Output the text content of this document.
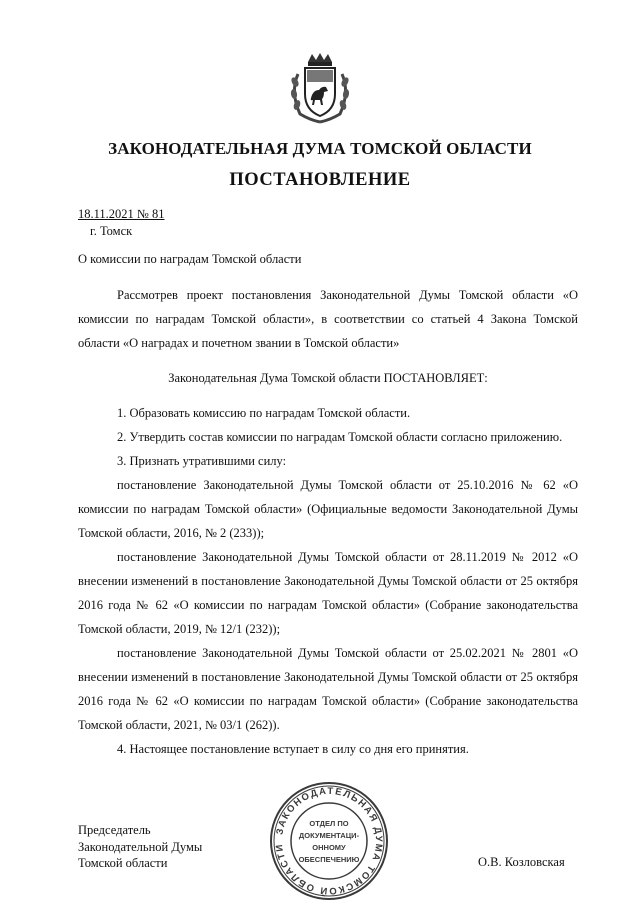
ЗАКОНОДАТЕЛЬНАЯ ДУМА ТОМСКОЙ ОБЛАСТИ
ПОСТАНОВЛЕНИЕ
18.11.2021 № 81
г. Томск
О комиссии по наградам Томской области

Рассмотрев проект постановления Законодательной Думы Томской области «О комиссии по наградам Томской области», в соответствии со статьей 4 Закона Томской области «О наградах и почетном звании в Томской области»

Законодательная Дума Томской области ПОСТАНОВЛЯЕТ:

1. Образовать комиссию по наградам Томской области.

2. Утвердить состав комиссии по наградам Томской области согласно приложению.

3. Признать утратившими силу:

постановление Законодательной Думы Томской области от 25.10.2016 № 62 «О комиссии по наградам Томской области» (Официальные ведомости Законодательной Думы Томской области, 2016, № 2 (233));

постановление Законодательной Думы Томской области от 28.11.2019 № 2012 «О внесении изменений в постановление Законодательной Думы Томской области от 25 октября 2016 года № 62 «О комиссии по наградам Томской области» (Собрание законодательства Томской области, 2019, № 12/1 (232));

постановление Законодательной Думы Томской области от 25.02.2021 № 2801 «О внесении изменений в постановление Законодательной Думы Томской области от 25 октября 2016 года № 62 «О комиссии по наградам Томской области» (Собрание законодательства Томской области, 2021, № 03/1 (262)).

4. Настоящее постановление вступает в силу со дня его принятия.

Председатель
Законодательной Думы
Томской области	О.В. Козловская
ЗАКОНОДАТЕЛЬНАЯ ДУМА ТОМСКОЙ ОБЛАСТИ
ОТДЕЛ ПО
ДОКУМЕНТАЦИ-
ОННОМУ
ОБЕСПЕЧЕНИЮ
